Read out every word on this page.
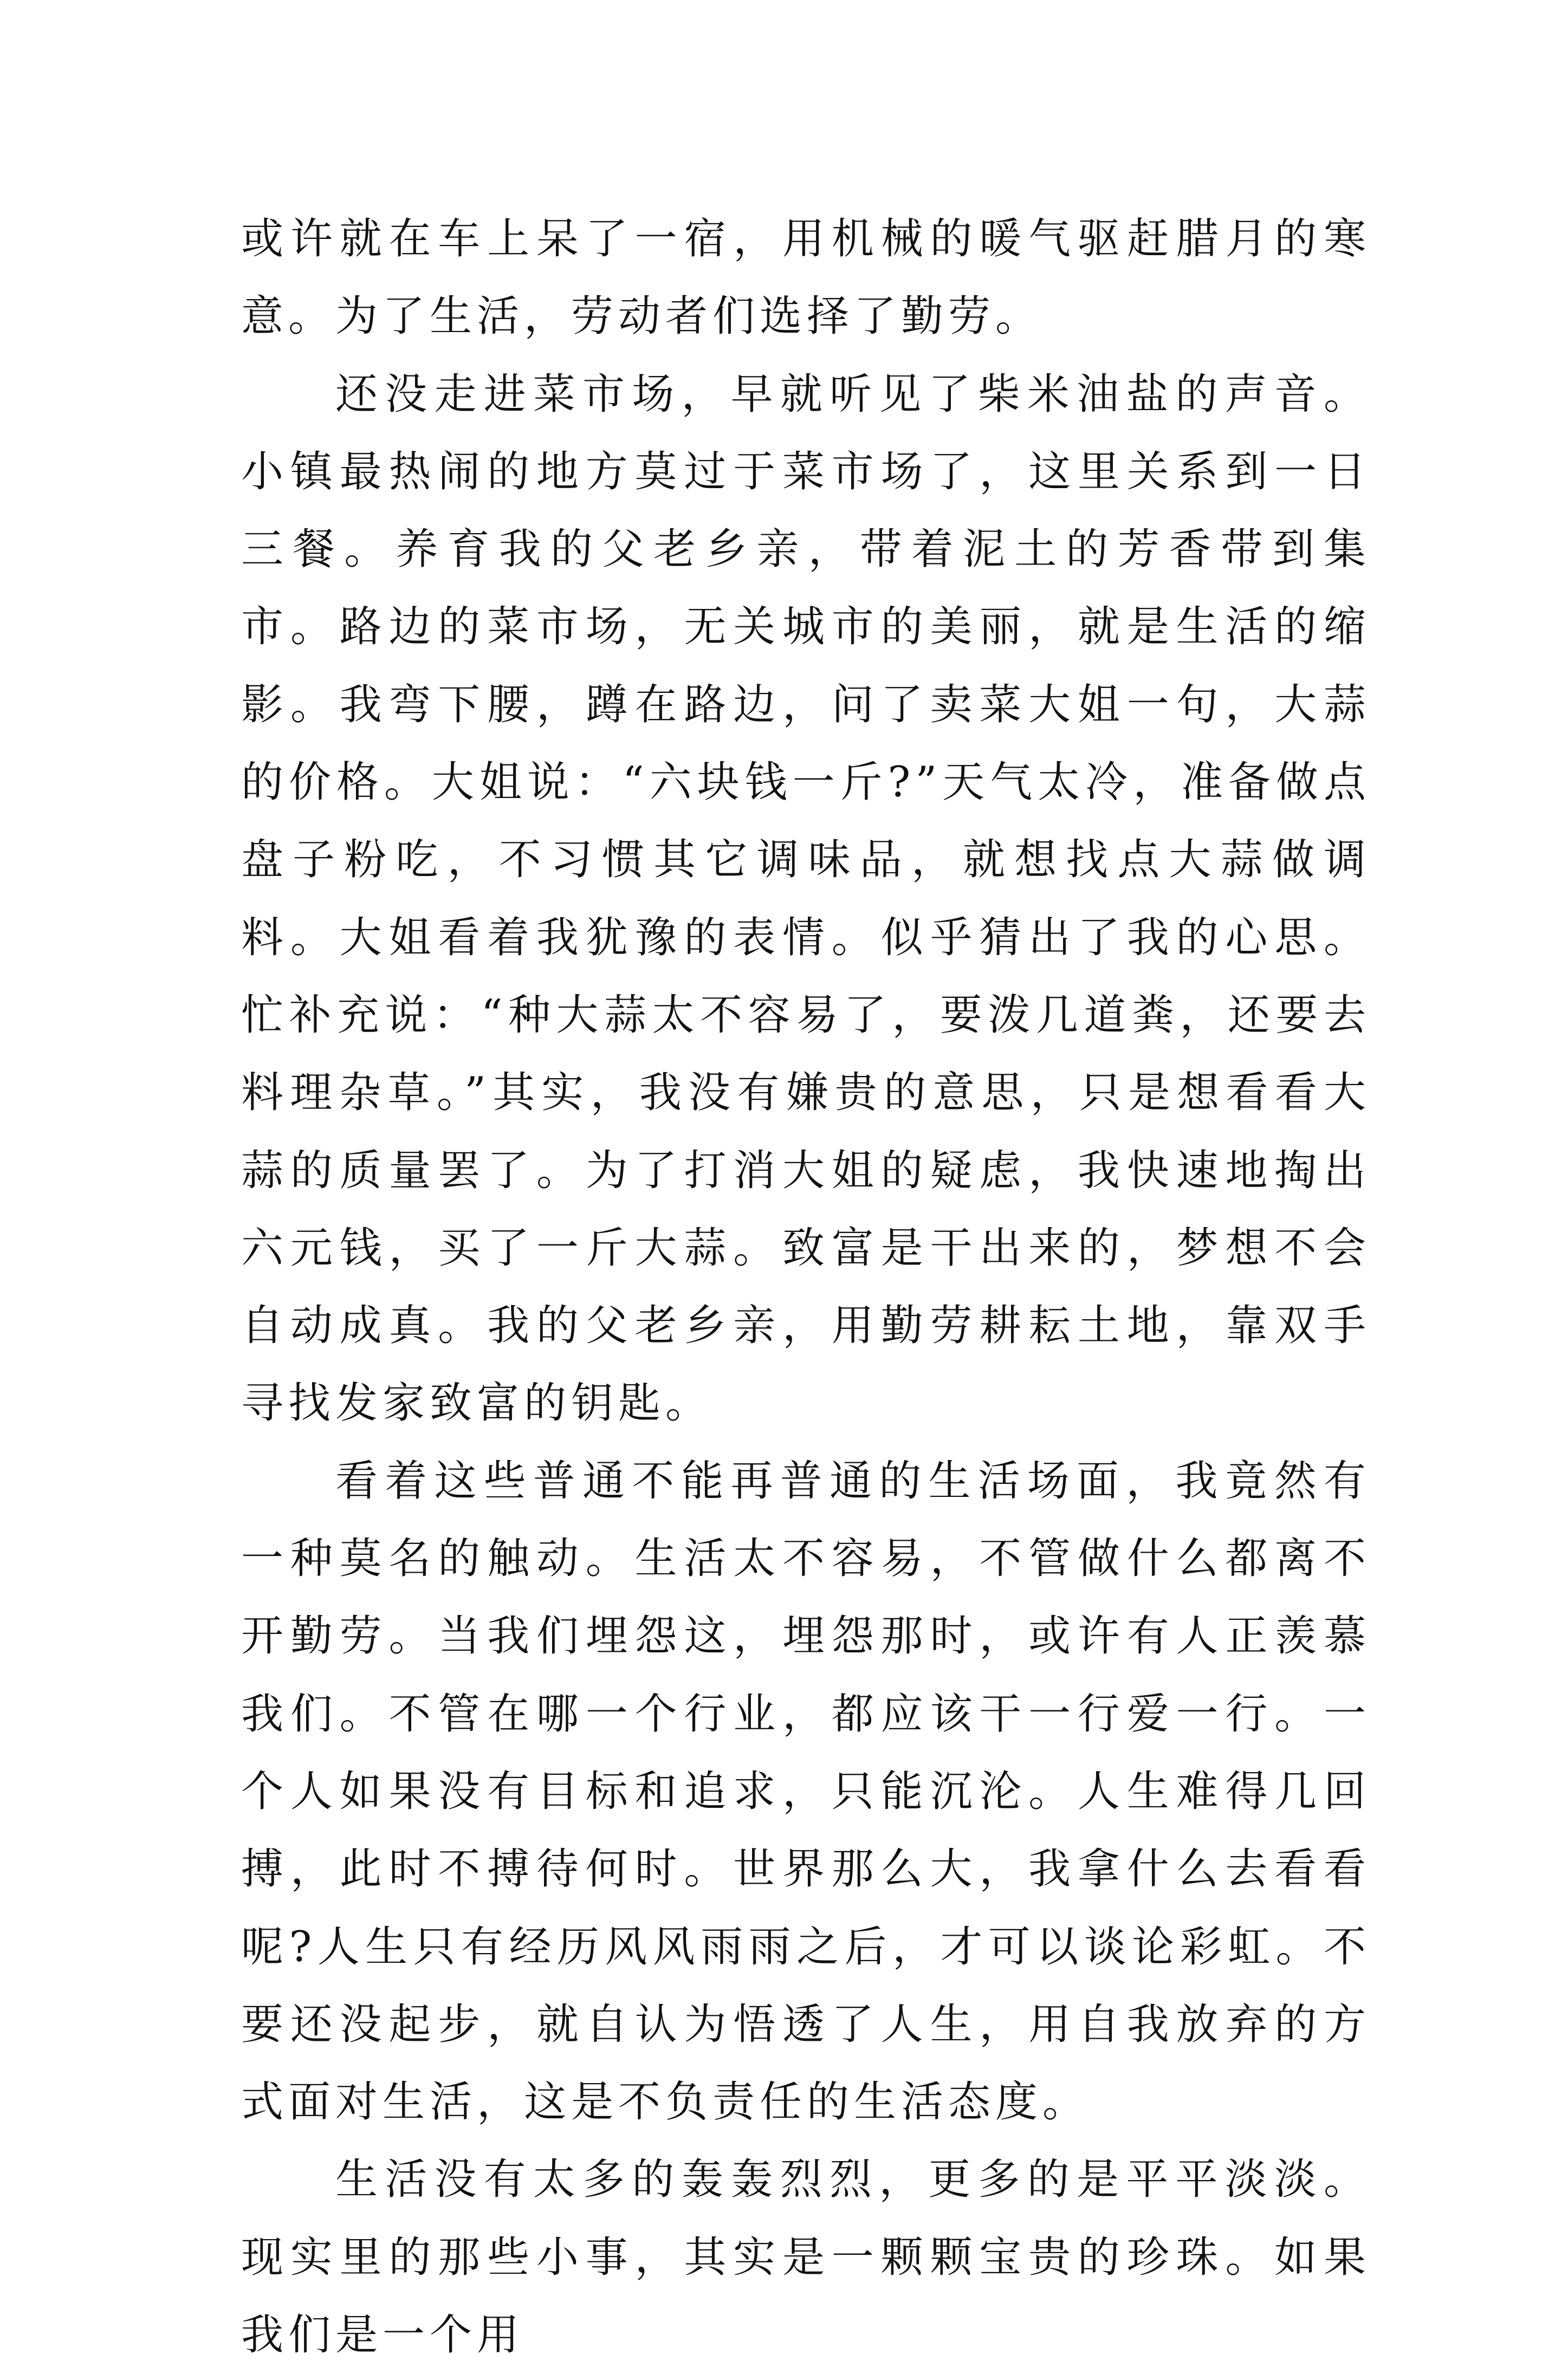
或许就在车上呆了一宿，用机械的暖气驱赶腊月的寒意。为了生活，劳动者们选择了勤劳。

还没走进菜市场，早就听见了柴米油盐的声音。小镇最热闹的地方莫过于菜市场了，这里关系到一日三餐。养育我的父老乡亲，带着泥土的芳香带到集市。路边的菜市场，无关城市的美丽，就是生活的缩影。我弯下腰，蹲在路边，问了卖菜大姐一句，大蒜的价格。大姐说：“六块钱一斤?”天气太冷，准备做点盘子粉吃，不习惯其它调味品，就想找点大蒜做调料。大姐看着我犹豫的表情。似乎猜出了我的心思。忙补充说：“种大蒜太不容易了，要泼几道粪，还要去料理杂草。”其实，我没有嫌贵的意思，只是想看看大蒜的质量罢了。为了打消大姐的疑虑，我快速地掏出六元钱，买了一斤大蒜。致富是干出来的，梦想不会自动成真。我的父老乡亲，用勤劳耕耘土地，靠双手寻找发家致富的钥匙。

看着这些普通不能再普通的生活场面，我竟然有一种莫名的触动。生活太不容易，不管做什么都离不开勤劳。当我们埋怨这，埋怨那时，或许有人正羡慕我们。不管在哪一个行业，都应该干一行爱一行。一个人如果没有目标和追求，只能沉沦。人生难得几回搏，此时不搏待何时。世界那么大，我拿什么去看看呢?人生只有经历风风雨雨之后，才可以谈论彩虹。不要还没起步，就自认为悟透了人生，用自我放弃的方式面对生活，这是不负责任的生活态度。

生活没有太多的轰轰烈烈，更多的是平平淡淡。现实里的那些小事，其实是一颗颗宝贵的珍珠。如果我们是一个用
